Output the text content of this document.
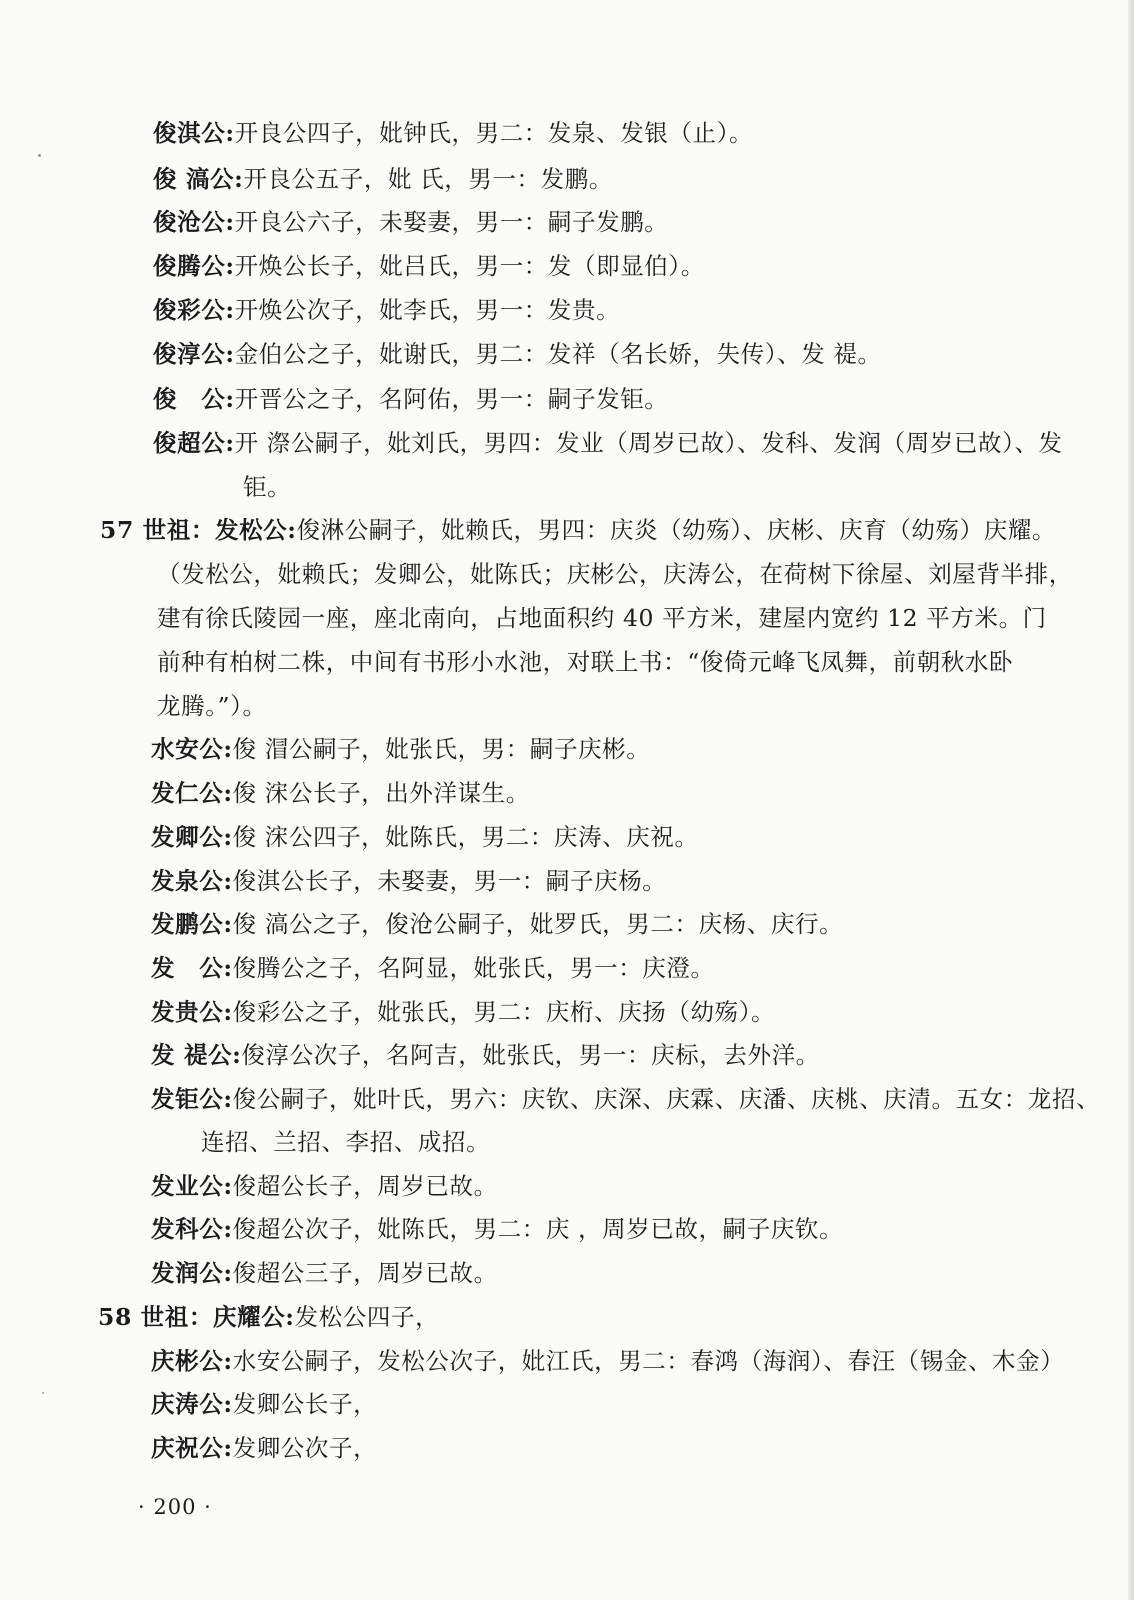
俊淇公:开良公四子，妣钟氏，男二：发泉、发银（止）。
俊 滈公:开良公五子，妣 氏，男一：发鹏。
俊沧公:开良公六子，未娶妻，男一：嗣子发鹏。
俊腾公:开焕公长子，妣吕氏，男一：发（即显伯）。
俊彩公:开焕公次子，妣李氏，男一：发贵。
俊淳公:金伯公之子，妣谢氏，男二：发祥（名长娇，失传）、发 禔。
俊　公:开晋公之子，名阿佑，男一：嗣子发钜。
俊超公:开 漈公嗣子，妣刘氏，男四：发业（周岁已故）、发科、发润（周岁已故）、发
钜。
57 世祖：发松公:俊淋公嗣子，妣赖氏，男四：庆炎（幼殇）、庆彬、庆育（幼殇）庆耀。
（发松公，妣赖氏；发卿公，妣陈氏；庆彬公，庆涛公，在荷树下徐屋、刘屋背半排，
建有徐氏陵园一座，座北南向，占地面积约 40 平方米，建屋内宽约 12 平方米。门
前种有柏树二株，中间有书形小水池，对联上书：“俊倚元峰飞凤舞，前朝秋水卧
龙腾。”）。
水安公:俊 㴘公嗣子，妣张氏，男：嗣子庆彬。
发仁公:俊 浨公长子，出外洋谋生。
发卿公:俊 浨公四子，妣陈氏，男二：庆涛、庆祝。
发泉公:俊淇公长子，未娶妻，男一：嗣子庆杨。
发鹏公:俊 滈公之子，俊沧公嗣子，妣罗氏，男二：庆杨、庆行。
发　公:俊腾公之子，名阿显，妣张氏，男一：庆澄。
发贵公:俊彩公之子，妣张氏，男二：庆桁、庆扬（幼殇）。
发 禔公:俊淳公次子，名阿吉，妣张氏，男一：庆标，去外洋。
发钜公:俊公嗣子，妣叶氏，男六：庆钦、庆深、庆霖、庆潘、庆桃、庆清。五女：龙招、
连招、兰招、李招、成招。
发业公:俊超公长子，周岁已故。
发科公:俊超公次子，妣陈氏，男二：庆 ，周岁已故，嗣子庆钦。
发润公:俊超公三子，周岁已故。
58 世祖：庆耀公:发松公四子，
庆彬公:水安公嗣子，发松公次子，妣江氏，男二：春鸿（海润）、春汪（锡金、木金）
庆涛公:发卿公长子，
庆祝公:发卿公次子，
· 200 ·
